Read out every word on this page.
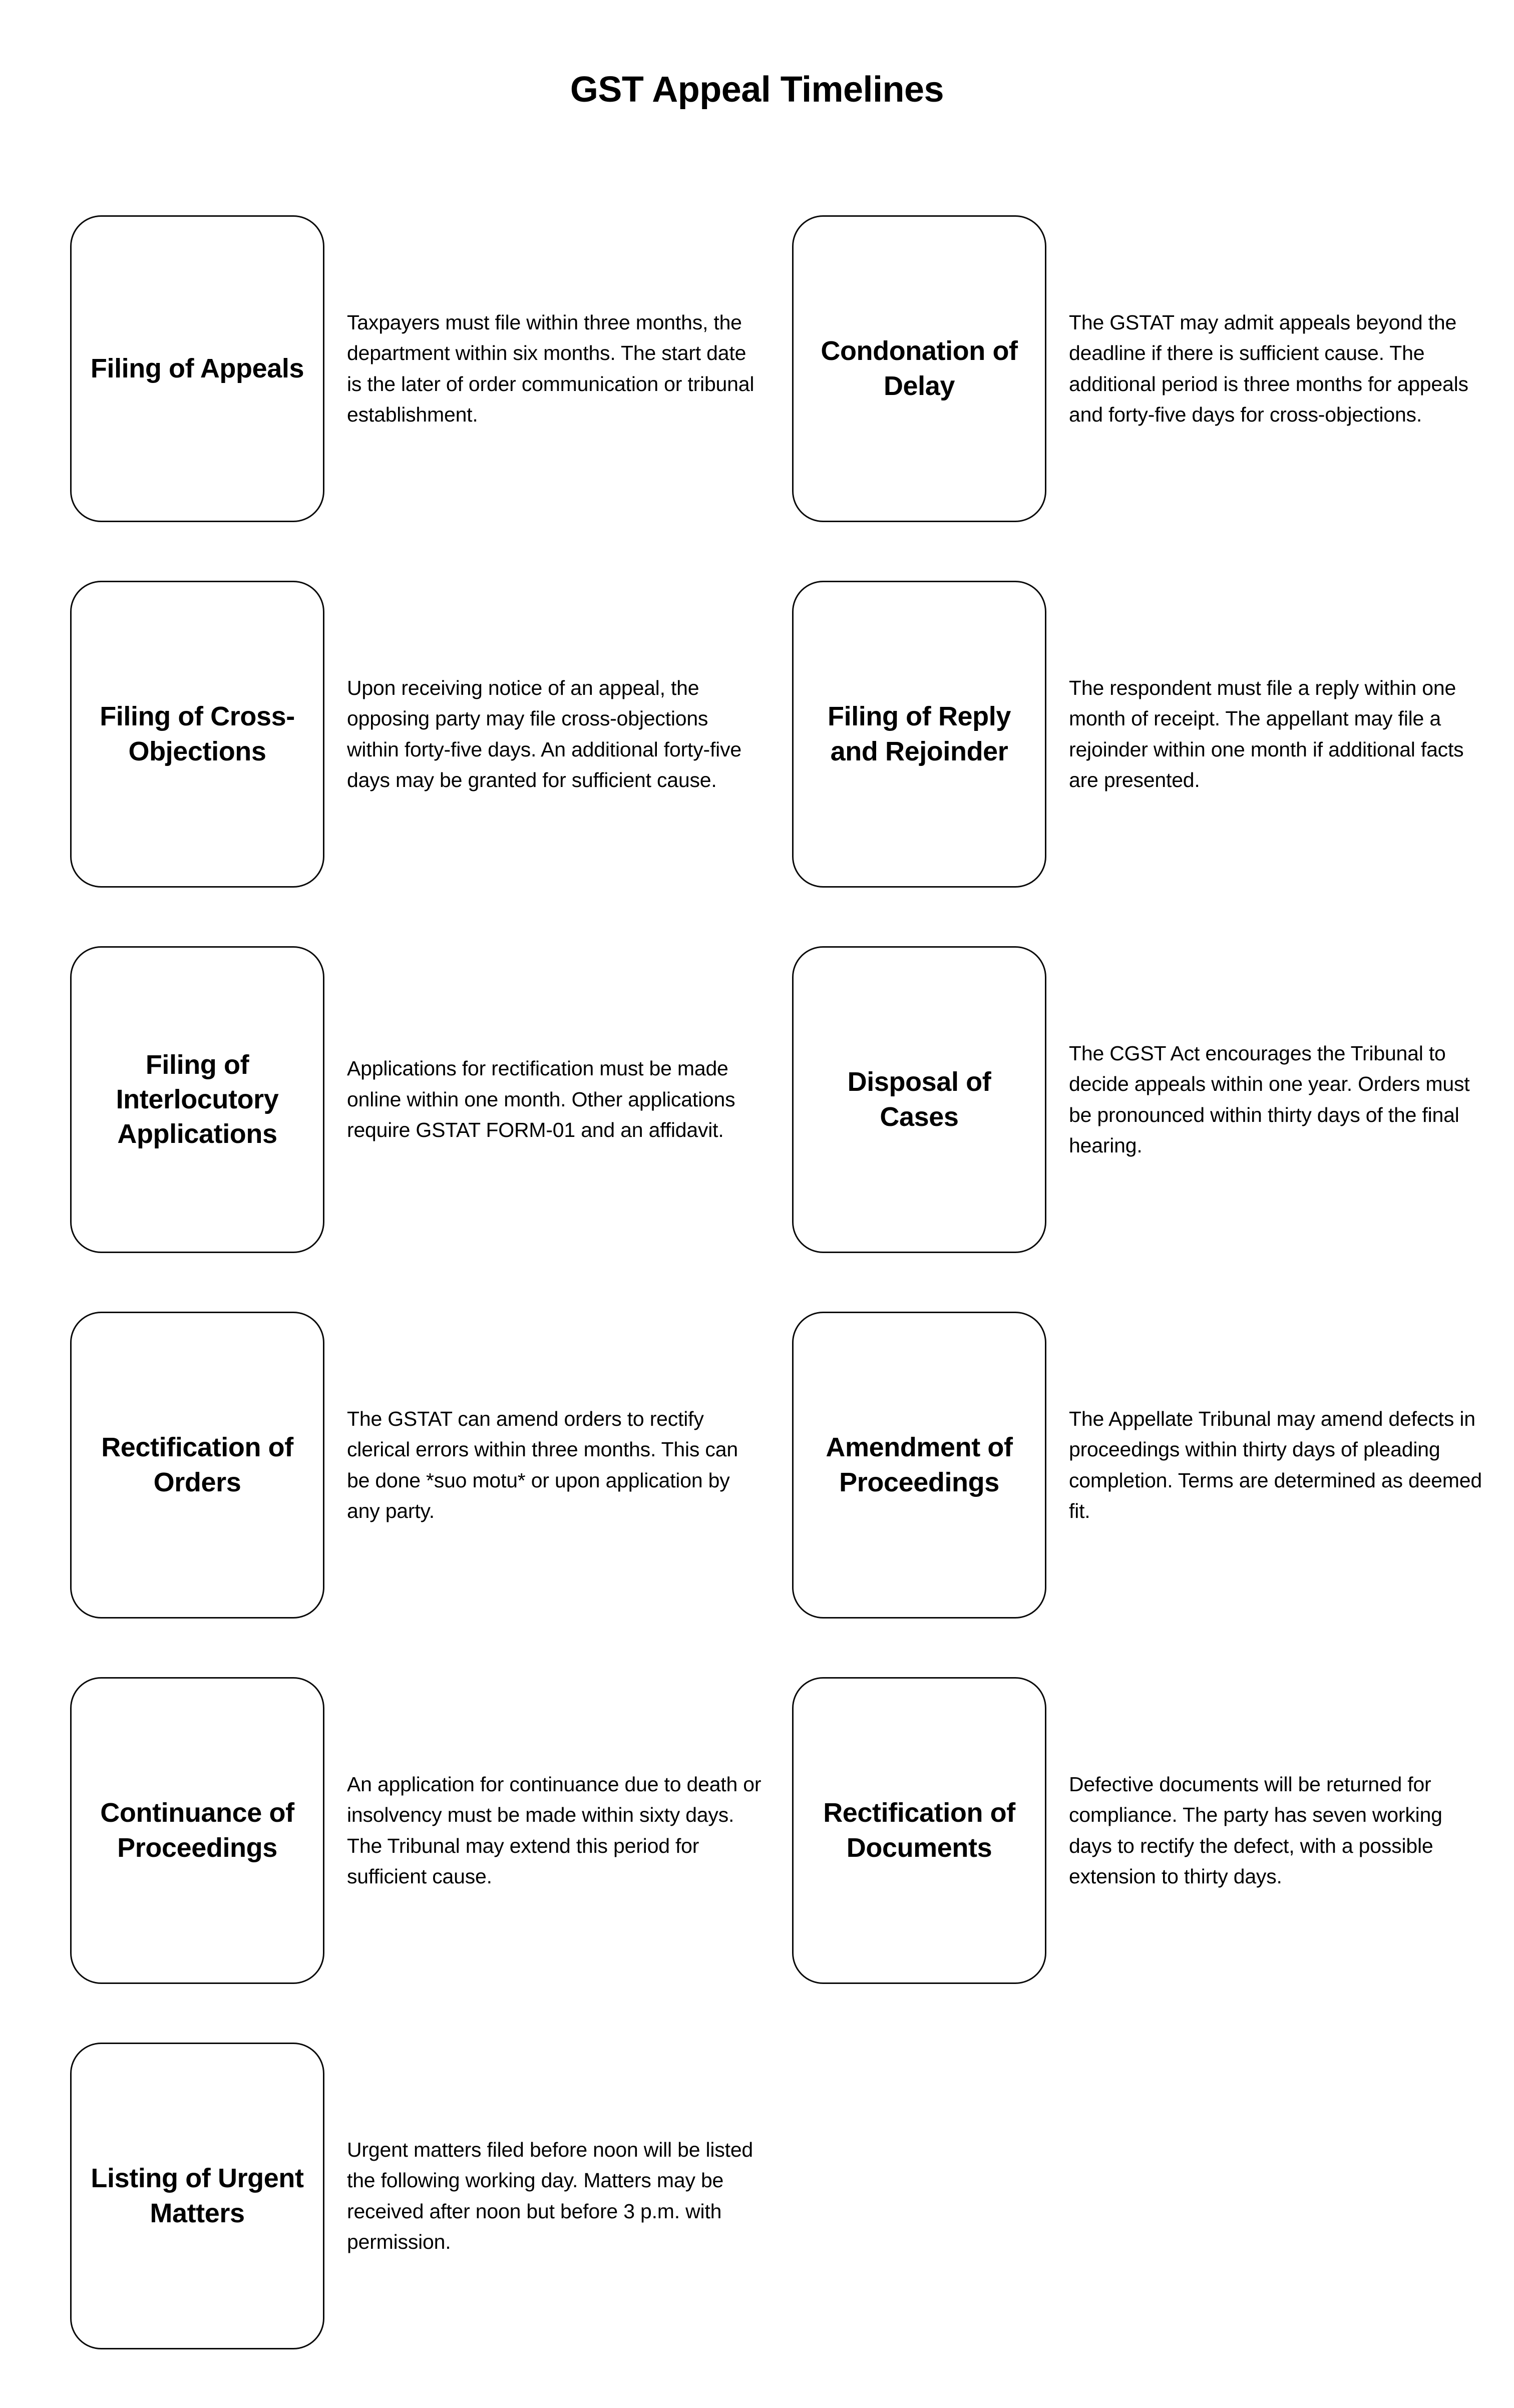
GST Appeal Timelines
Filing of Appeals
Taxpayers must file within three months, the department within six months. The start date is the later of order communication or tribunal establishment.
Condonation of Delay
The GSTAT may admit appeals beyond the deadline if there is sufficient cause. The additional period is three months for appeals and forty-five days for cross-objections.
Filing of Cross-Objections
Upon receiving notice of an appeal, the opposing party may file cross-objections within forty-five days. An additional forty-five days may be granted for sufficient cause.
Filing of Reply and Rejoinder
The respondent must file a reply within one month of receipt. The appellant may file a rejoinder within one month if additional facts are presented.
Filing of Interlocutory Applications
Applications for rectification must be made online within one month. Other applications require GSTAT FORM-01 and an affidavit.
Disposal of Cases
The CGST Act encourages the Tribunal to decide appeals within one year. Orders must be pronounced within thirty days of the final hearing.
Rectification of Orders
The GSTAT can amend orders to rectify clerical errors within three months. This can be done *suo motu* or upon application by any party.
Amendment of Proceedings
The Appellate Tribunal may amend defects in proceedings within thirty days of pleading completion. Terms are determined as deemed fit.
Continuance of Proceedings
An application for continuance due to death or insolvency must be made within sixty days. The Tribunal may extend this period for sufficient cause.
Rectification of Documents
Defective documents will be returned for compliance. The party has seven working days to rectify the defect, with a possible extension to thirty days.
Listing of Urgent Matters
Urgent matters filed before noon will be listed the following working day. Matters may be received after noon but before 3 p.m. with permission.
